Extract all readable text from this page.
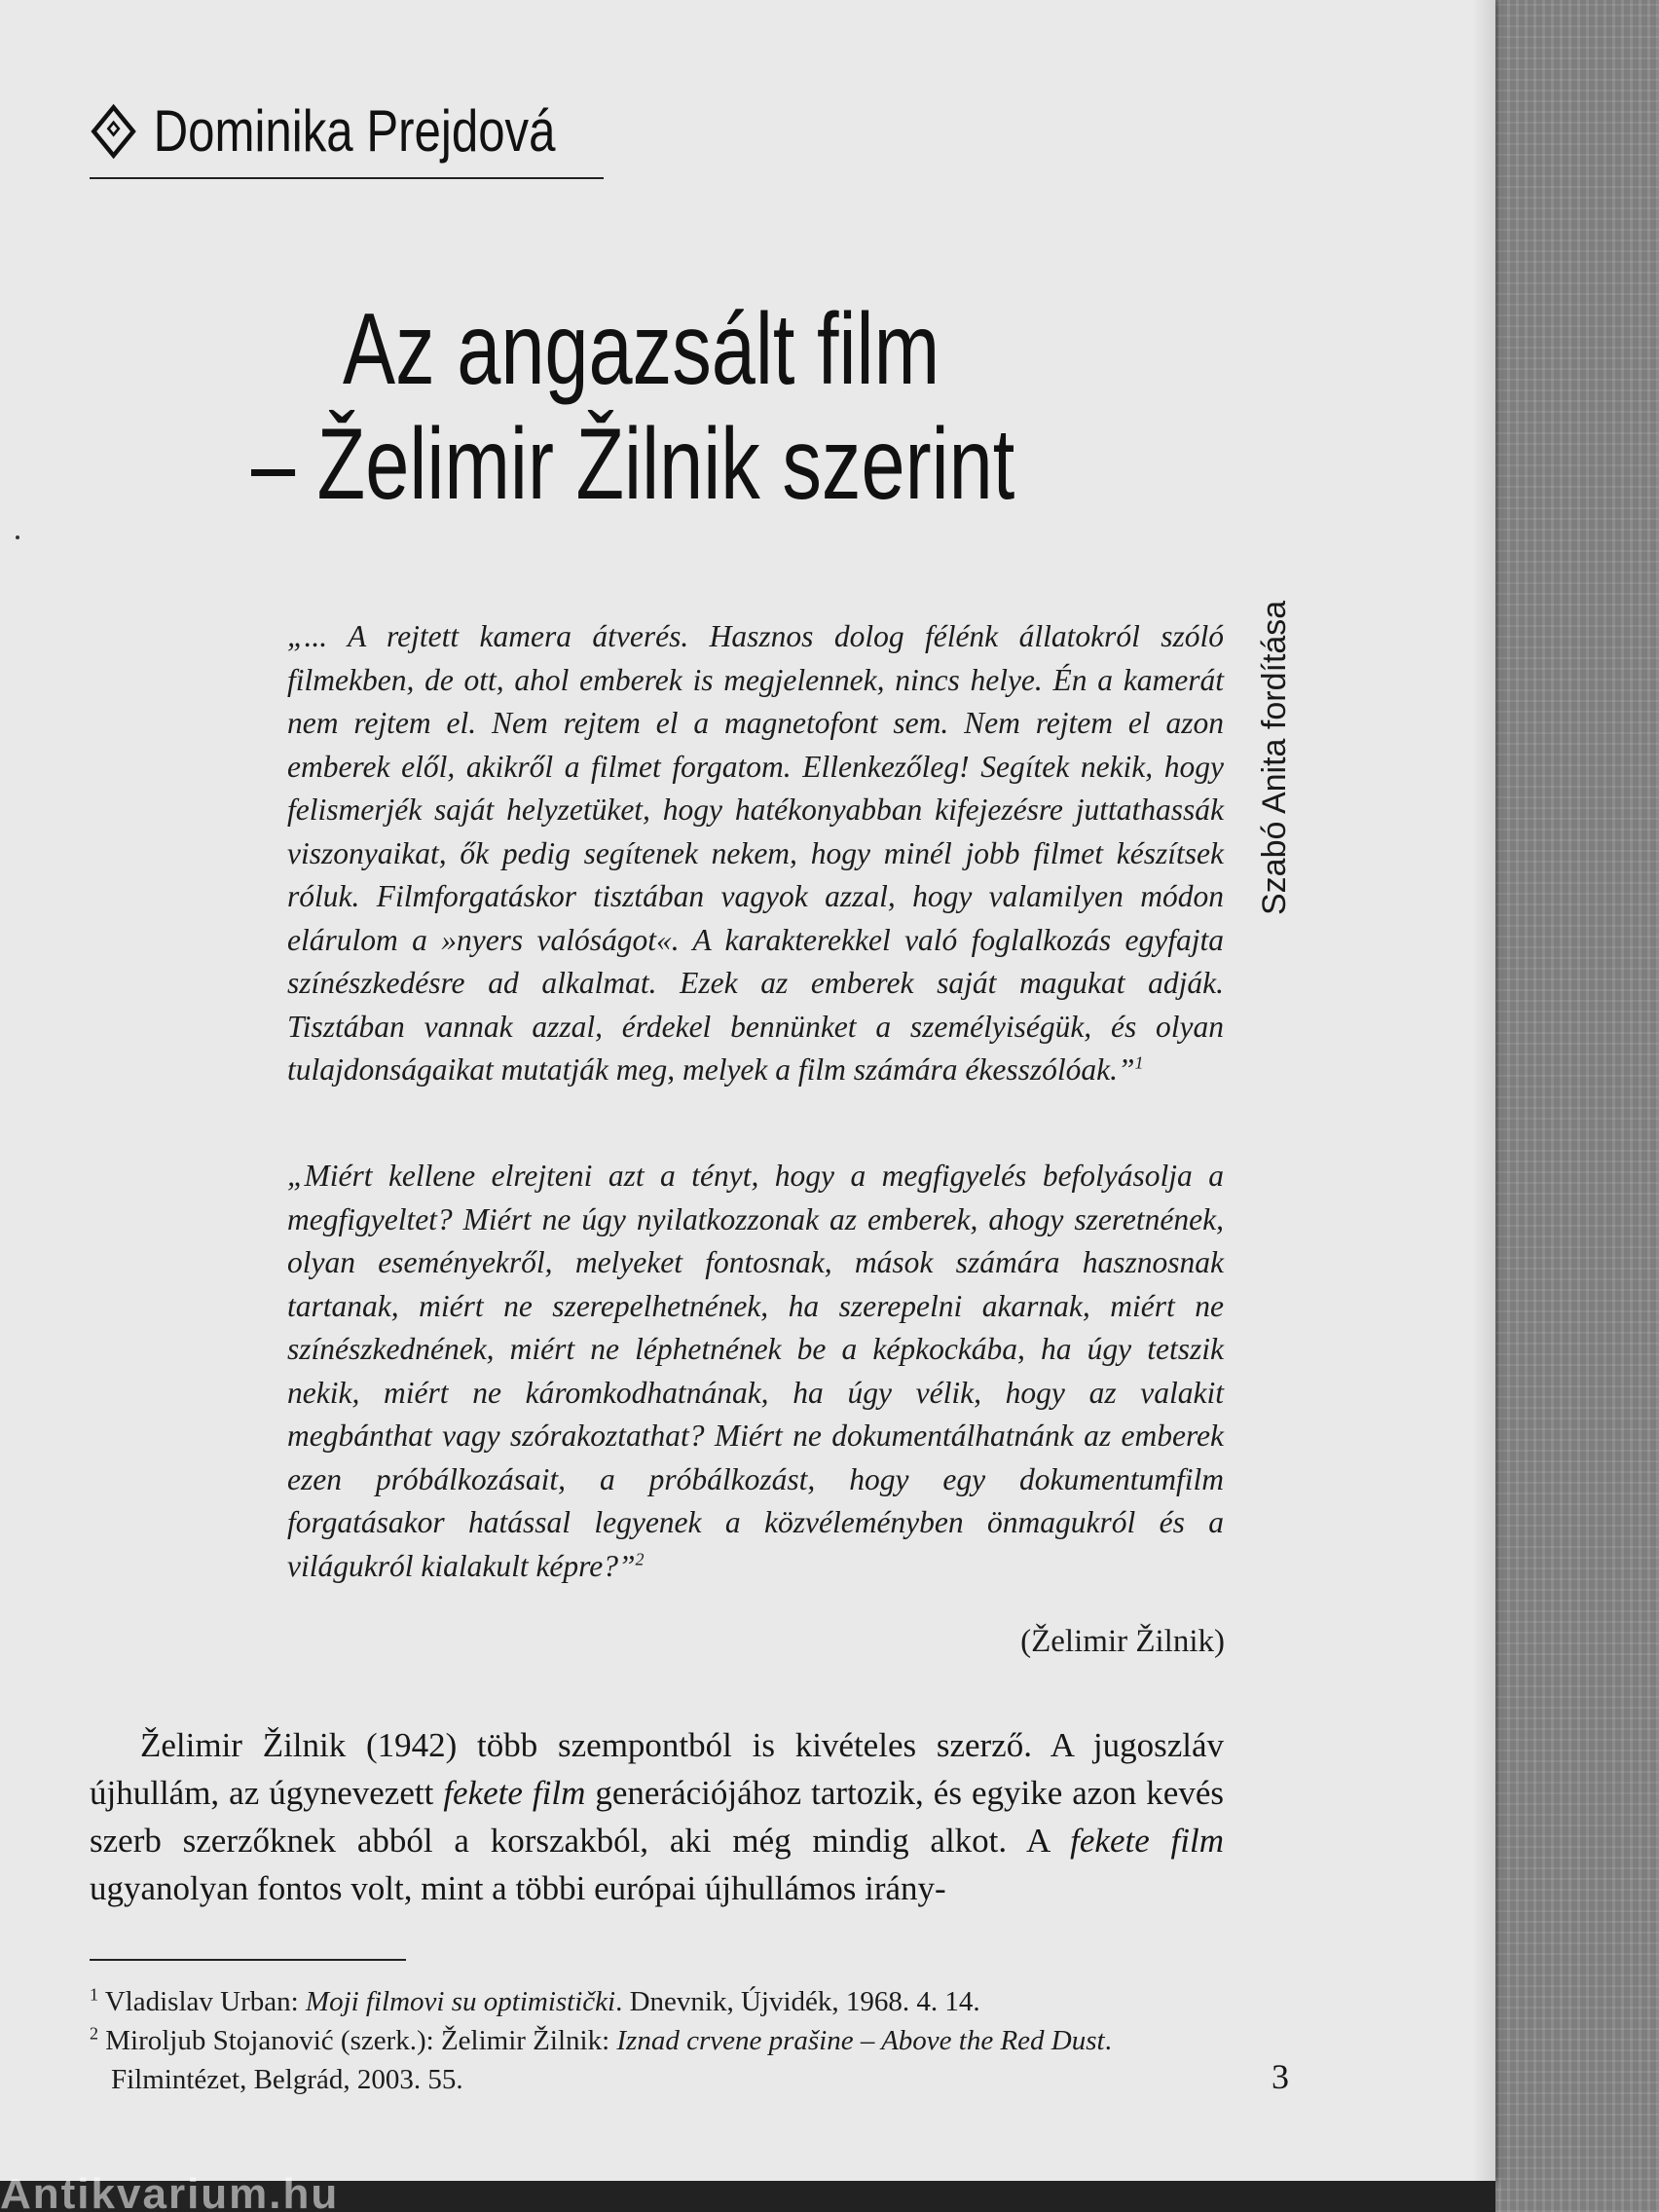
Dominika Prejdová
Az angazsált film
– Želimir Žilnik szerint
Szabó Anita fordítása
„... A rejtett kamera átverés. Hasznos dolog félénk állatokról szóló filmekben, de ott, ahol emberek is megjelennek, nincs helye. Én a kamerát nem rejtem el. Nem rejtem el a magnetofont sem. Nem rejtem el azon emberek elől, akikről a filmet forgatom. Ellenkezőleg! Segítek nekik, hogy felismerjék saját helyzetüket, hogy hatékonyabban kifejezésre juttathassák viszonyaikat, ők pedig segítenek nekem, hogy minél jobb filmet készítsek róluk. Filmforgatáskor tisztában vagyok azzal, hogy valamilyen módon elárulom a »nyers valóságot«. A karakterekkel való foglalkozás egyfajta színészkedésre ad alkalmat. Ezek az emberek saját magukat adják. Tisztában vannak azzal, érdekel bennünket a személyiségük, és olyan tulajdonságaikat mutatják meg, melyek a film számára ékesszólóak.”$^1$
„Miért kellene elrejteni azt a tényt, hogy a megfigyelés befolyásolja a megfigyeltet? Miért ne úgy nyilatkozzonak az emberek, ahogy szeretnének, olyan eseményekről, melyeket fontosnak, mások számára hasznosnak tartanak, miért ne szerepelhetnének, ha szerepelni akarnak, miért ne színészkednének, miért ne léphetnének be a képkockába, ha úgy tetszik nekik, miért ne káromkodhatnának, ha úgy vélik, hogy az valakit megbánthat vagy szórakoztathat? Miért ne dokumentálhatnánk az emberek ezen próbálkozásait, a próbálkozást, hogy egy dokumentumfilm forgatásakor hatással legyenek a közvéleményben önmagukról és a világukról kialakult képre?”$^2$
(Želimir Žilnik)

Želimir Žilnik (1942) több szempontból is kivételes szerző. A jugoszláv újhullám, az úgynevezett fekete film generációjához tartozik, és egyike azon kevés szerb szerzőknek abból a korszakból, aki még mindig alkot. A fekete film ugyanolyan fontos volt, mint a többi európai újhullámos irány-

$^1$ Vladislav Urban: Moji filmovi su optimistički. Dnevnik, Újvidék, 1968. 4. 14.

$^2$ Miroljub Stojanović (szerk.): Želimir Žilnik: Iznad crvene prašine – Above the Red Dust. Filmintézet, Belgrád, 2003. 55.	3
Antikvarium.hu
